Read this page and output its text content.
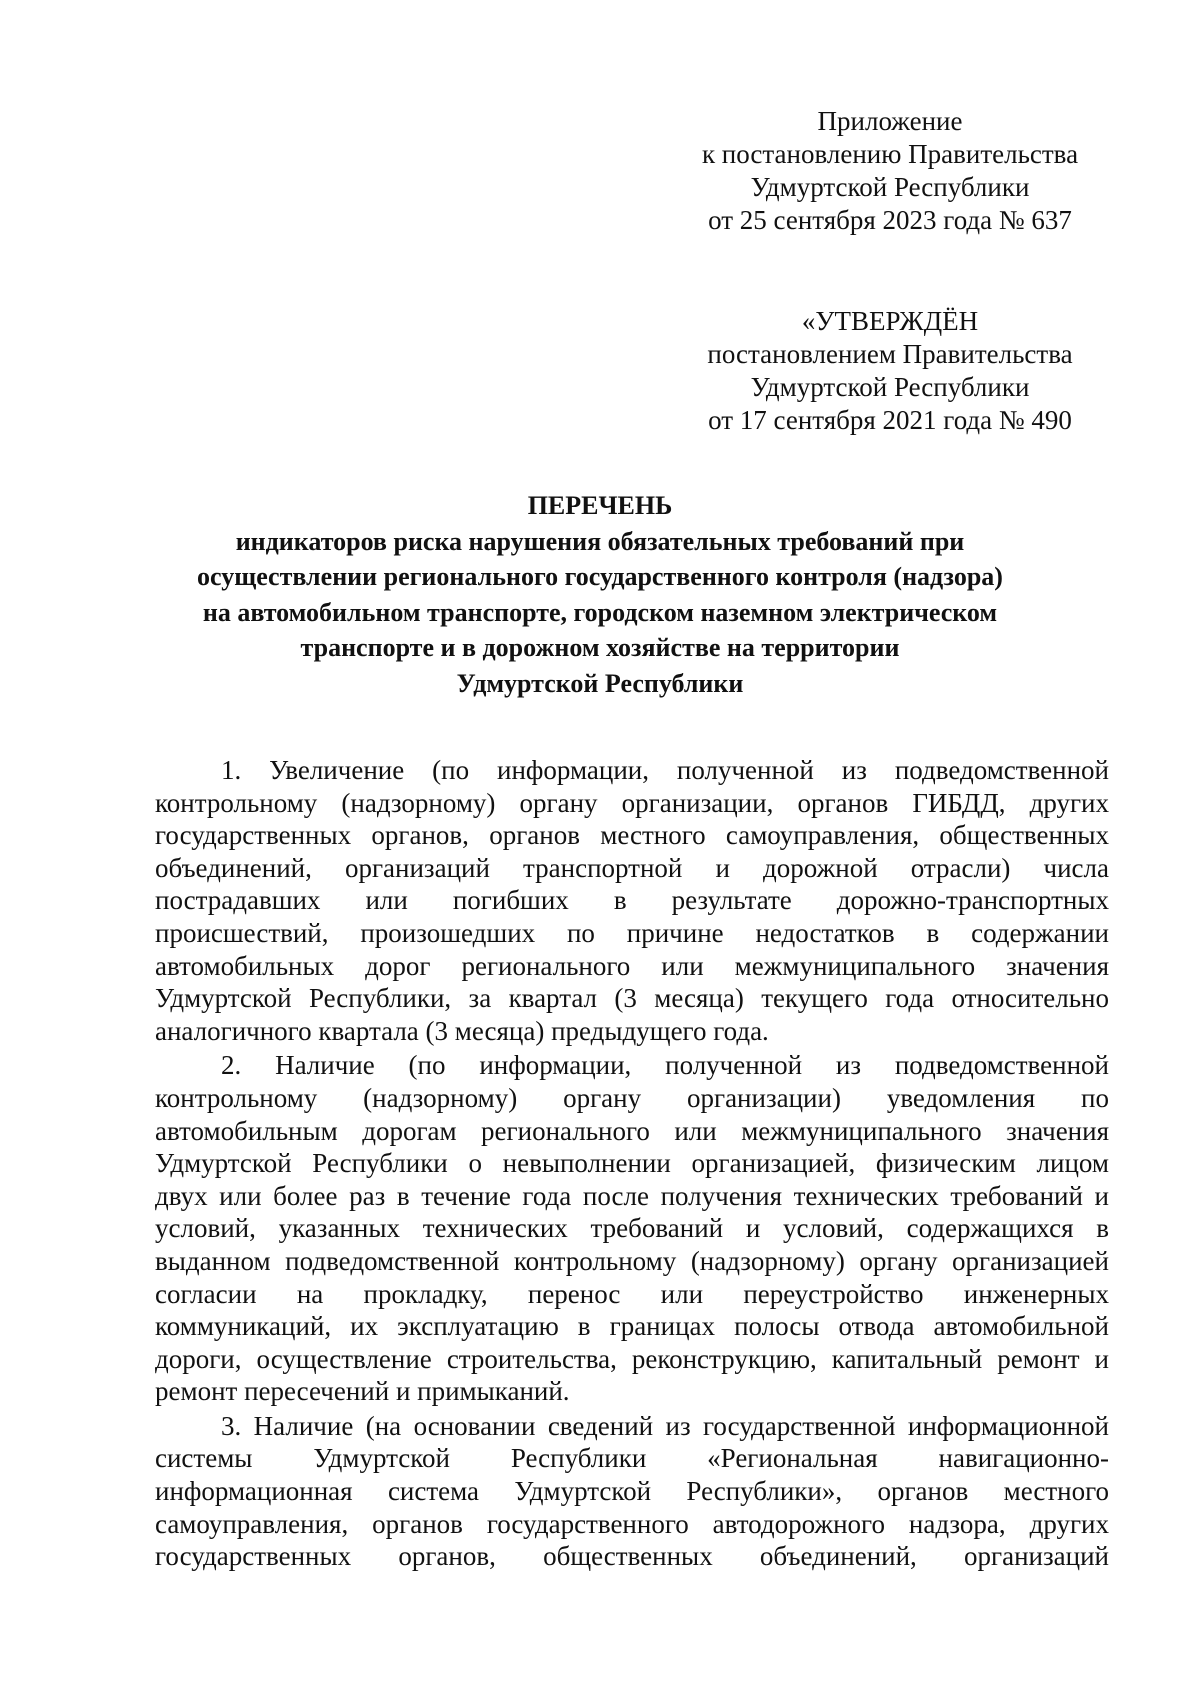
Приложение
к постановлению Правительства
Удмуртской Республики
от 25 сентября 2023 года № 637
«УТВЕРЖДЁН
постановлением Правительства
Удмуртской Республики
от 17 сентября 2021 года № 490
ПЕРЕЧЕНЬ
индикаторов риска нарушения обязательных требований при
осуществлении регионального государственного контроля (надзора)
на автомобильном транспорте, городском наземном электрическом
транспорте и в дорожном хозяйстве на территории
Удмуртской Республики
1. Увеличение (по информации, полученной из подведомственной
контрольному (надзорному) органу организации, органов ГИБДД, других
государственных органов, органов местного самоуправления, общественных
объединений, организаций транспортной и дорожной отрасли) числа
пострадавших или погибших в результате дорожно-транспортных
происшествий, произошедших по причине недостатков в содержании
автомобильных дорог регионального или межмуниципального значения
Удмуртской Республики, за квартал (3 месяца) текущего года относительно
аналогичного квартала (3 месяца) предыдущего года.
2. Наличие (по информации, полученной из подведомственной
контрольному (надзорному) органу организации) уведомления по
автомобильным дорогам регионального или межмуниципального значения
Удмуртской Республики о невыполнении организацией, физическим лицом
двух или более раз в течение года после получения технических требований и
условий, указанных технических требований и условий, содержащихся в
выданном подведомственной контрольному (надзорному) органу организацией
согласии на прокладку, перенос или переустройство инженерных
коммуникаций, их эксплуатацию в границах полосы отвода автомобильной
дороги, осуществление строительства, реконструкцию, капитальный ремонт и
ремонт пересечений и примыканий.
3. Наличие (на основании сведений из государственной информационной
системы Удмуртской Республики «Региональная навигационно-
информационная система Удмуртской Республики», органов местного
самоуправления, органов государственного автодорожного надзора, других
государственных органов, общественных объединений, организаций
